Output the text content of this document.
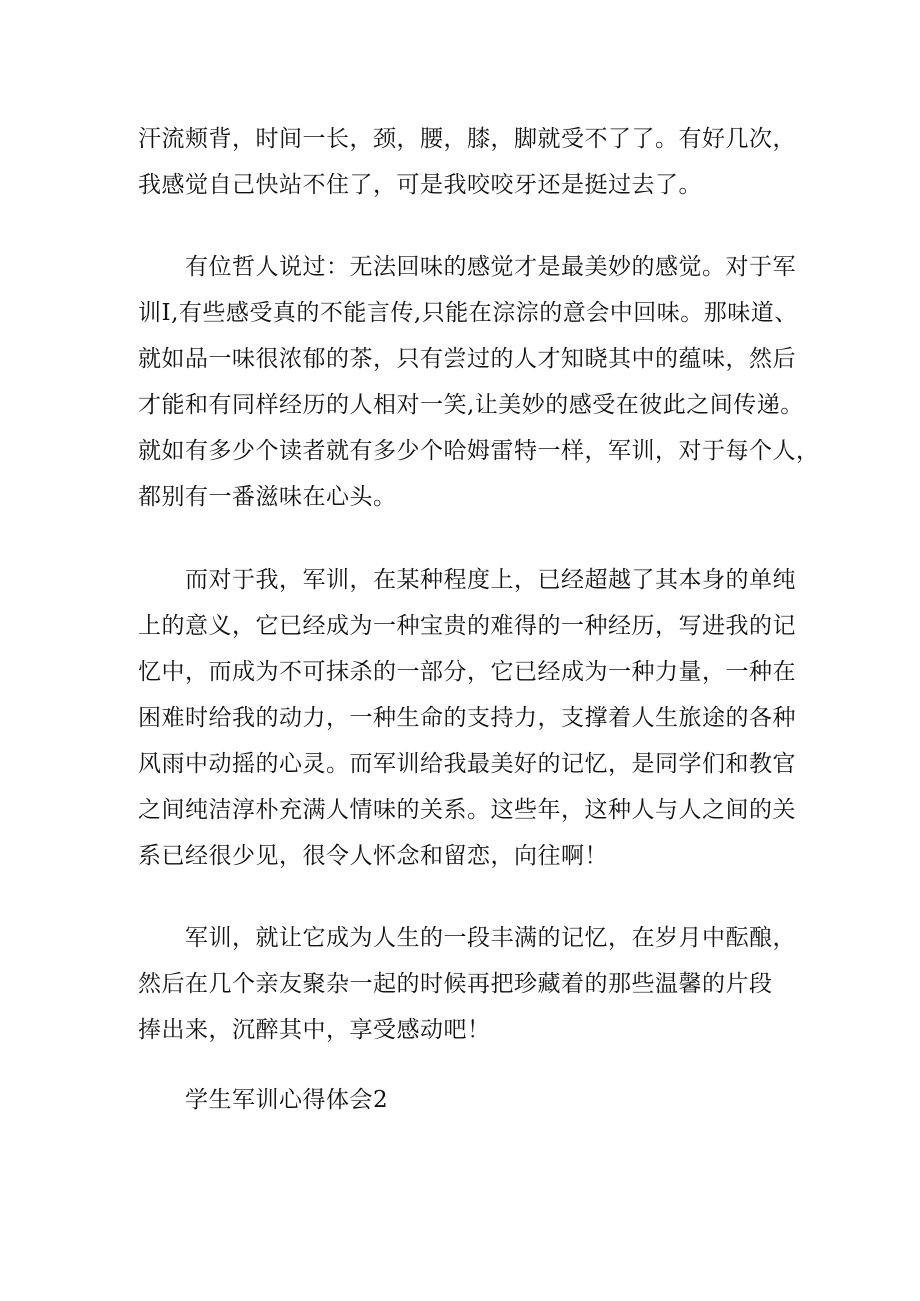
汗流颊背，时间一长，颈，腰，膝，脚就受不了了。有好几次，
我感觉自己快站不住了，可是我咬咬牙还是挺过去了。
　　有位哲人说过：无法回味的感觉才是最美妙的感觉。对于军
训Ⅰ,有些感受真的不能言传,只能在淙淙的意会中回味。那味道、
就如品一味很浓郁的茶，只有尝过的人才知晓其中的蕴味，然后
才能和有同样经历的人相对一笑,让美妙的感受在彼此之间传递。
就如有多少个读者就有多少个哈姆雷特一样，军训，对于每个人，
都别有一番滋味在心头。
　　而对于我，军训，在某种程度上，已经超越了其本身的单纯
上的意义，它已经成为一种宝贵的难得的一种经历，写进我的记
忆中，而成为不可抹杀的一部分，它已经成为一种力量，一种在
困难时给我的动力，一种生命的支持力，支撑着人生旅途的各种
风雨中动摇的心灵。而军训给我最美好的记忆，是同学们和教官
之间纯洁淳朴充满人情味的关系。这些年，这种人与人之间的关
系已经很少见，很令人怀念和留恋，向往啊！
　　军训，就让它成为人生的一段丰满的记忆，在岁月中酝酿，
然后在几个亲友聚杂一起的时候再把珍藏着的那些温馨的片段
捧出来，沉醉其中，享受感动吧！
　　学生军训心得体会2
